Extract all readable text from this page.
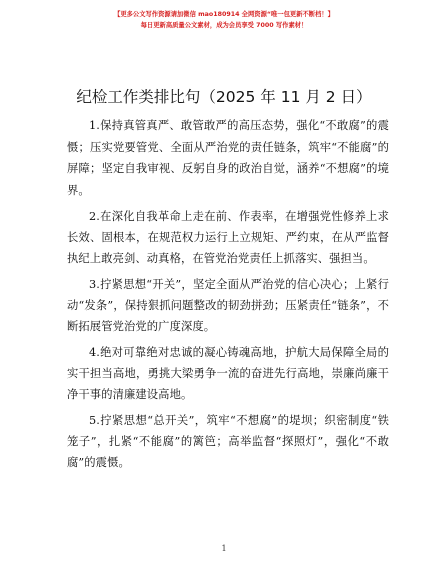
【更多公文写作资源请加微信 mao180914 全网资源“唯一包更新不断档！】
每日更新高质量公文素材，成为会员享受 7000 写作素材！
纪检工作类排比句（2025 年 11 月 2 日）

1.保持真管真严、敢管敢严的高压态势，强化“不敢腐”的震慑；压实党要管党、全面从严治党的责任链条，筑牢“不能腐”的屏障；坚定自我审视、反躬自身的政治自觉，涵养“不想腐”的境界。

2.在深化自我革命上走在前、作表率，在增强党性修养上求长效、固根本，在规范权力运行上立规矩、严约束，在从严监督执纪上敢亮剑、动真格，在管党治党责任上抓落实、强担当。

3.拧紧思想“开关”，坚定全面从严治党的信心决心；上紧行动“发条”，保持狠抓问题整改的韧劲拼劲；压紧责任“链条”，不断拓展管党治党的广度深度。

4.绝对可靠绝对忠诚的凝心铸魂高地，护航大局保障全局的实干担当高地，勇挑大梁勇争一流的奋进先行高地，崇廉尚廉干净干事的清廉建设高地。

5.拧紧思想“总开关”，筑牢“不想腐”的堤坝；织密制度“铁笼子”，扎紧“不能腐”的篱笆；高举监督“探照灯”，强化“不敢腐”的震慑。

1
